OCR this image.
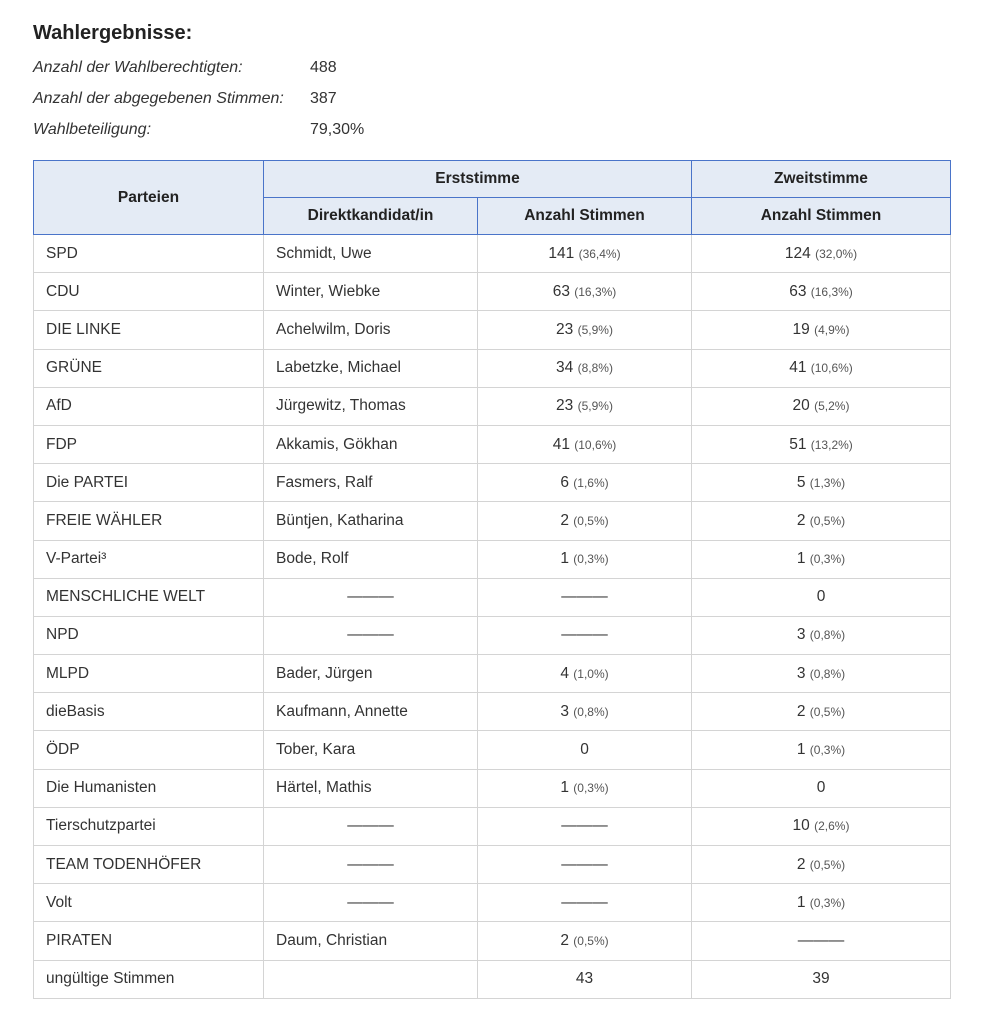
Wahlergebnisse:
Anzahl der Wahlberechtigten:	488
Anzahl der abgegebenen Stimmen:	387
Wahlbeteiligung:	79,30%
Parteien	Erststimme		Zweitstimme
	Direktkandidat/in	Anzahl Stimmen	Anzahl Stimmen
SPD	Schmidt, Uwe	141 (36,4%)	124 (32,0%)
CDU	Winter, Wiebke	63 (16,3%)	63 (16,3%)
DIE LINKE	Achelwilm, Doris	23 (5,9%)	19 (4,9%)
GRÜNE	Labetzke, Michael	34 (8,8%)	41 (10,6%)
AfD	Jürgewitz, Thomas	23 (5,9%)	20 (5,2%)
FDP	Akkamis, Gökhan	41 (10,6%)	51 (13,2%)
Die PARTEI	Fasmers, Ralf	6 (1,6%)	5 (1,3%)
FREIE WÄHLER	Büntjen, Katharina	2 (0,5%)	2 (0,5%)
V-Partei³	Bode, Rolf	1 (0,3%)	1 (0,3%)
MENSCHLICHE WELT	———	———	0
NPD	———	———	3 (0,8%)
MLPD	Bader, Jürgen	4 (1,0%)	3 (0,8%)
dieBasis	Kaufmann, Annette	3 (0,8%)	2 (0,5%)
ÖDP	Tober, Kara	0	1 (0,3%)
Die Humanisten	Härtel, Mathis	1 (0,3%)	0
Tierschutzpartei	———	———	10 (2,6%)
TEAM TODENHÖFER	———	———	2 (0,5%)
Volt	———	———	1 (0,3%)
PIRATEN	Daum, Christian	2 (0,5%)	———
ungültige Stimmen		43	39
